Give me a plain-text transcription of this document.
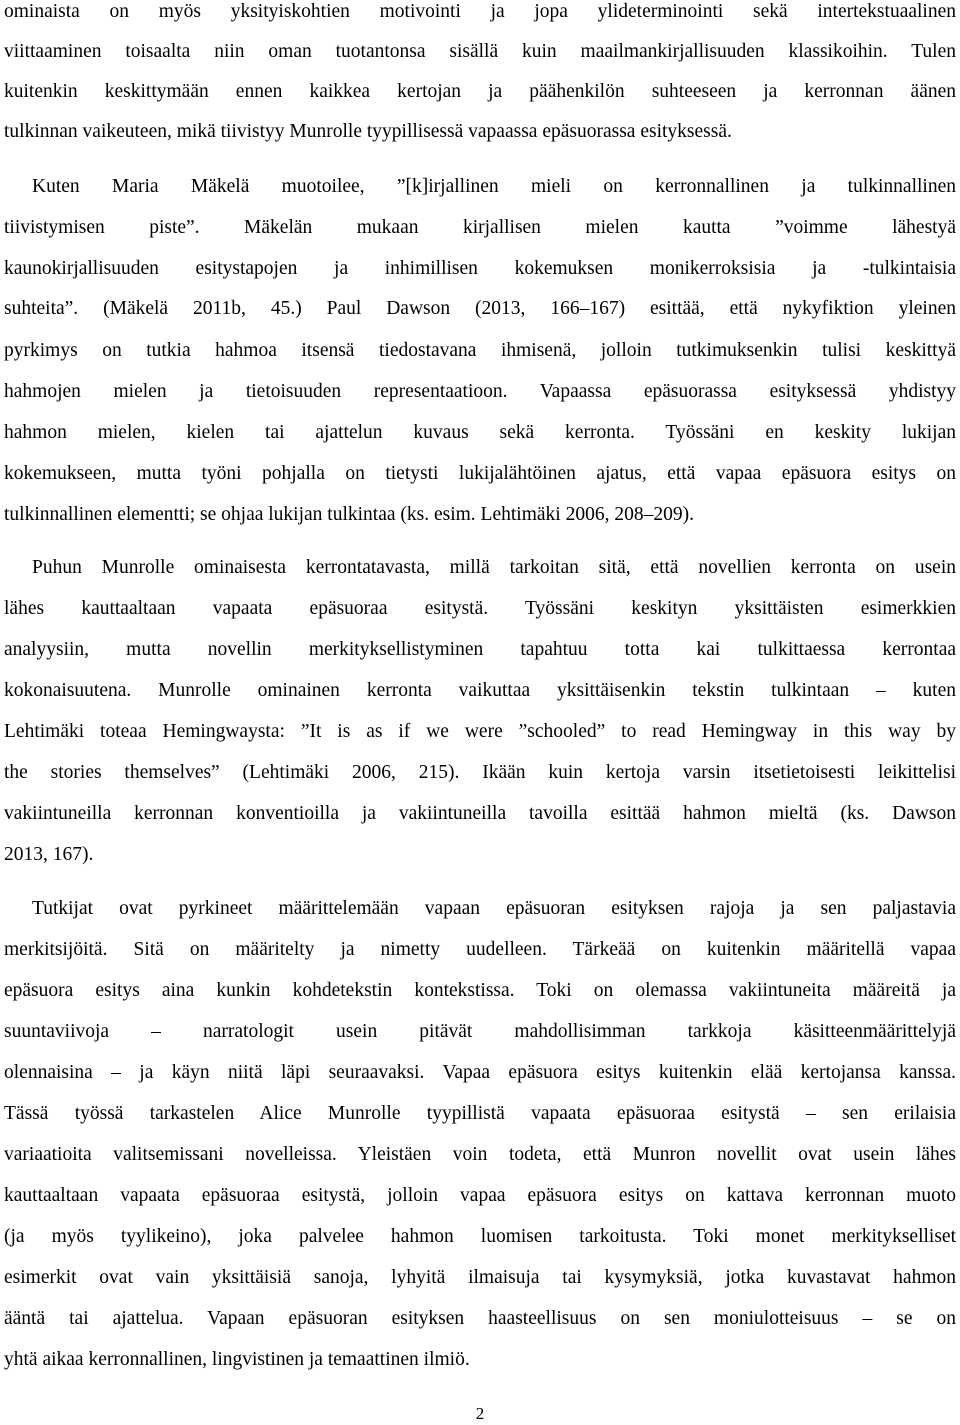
ominaista on myös yksityiskohtien motivointi ja jopa ylideterminointi sekä intertekstuaalinen
viittaaminen toisaalta niin oman tuotantonsa sisällä kuin maailmankirjallisuuden klassikoihin. Tulen
kuitenkin keskittymään ennen kaikkea kertojan ja päähenkilön suhteeseen ja kerronnan äänen
tulkinnan vaikeuteen, mikä tiivistyy Munrolle tyypillisessä vapaassa epäsuorassa esityksessä.
Kuten Maria Mäkelä muotoilee, ”[k]irjallinen mieli on kerronnallinen ja tulkinnallinen
tiivistymisen piste”. Mäkelän mukaan kirjallisen mielen kautta ”voimme lähestyä
kaunokirjallisuuden esitystapojen ja inhimillisen kokemuksen monikerroksisia ja -tulkintaisia
suhteita”. (Mäkelä 2011b, 45.) Paul Dawson (2013, 166–167) esittää, että nykyfiktion yleinen
pyrkimys on tutkia hahmoa itsensä tiedostavana ihmisenä, jolloin tutkimuksenkin tulisi keskittyä
hahmojen mielen ja tietoisuuden representaatioon. Vapaassa epäsuorassa esityksessä yhdistyy
hahmon mielen, kielen tai ajattelun kuvaus sekä kerronta. Työssäni en keskity lukijan
kokemukseen, mutta työni pohjalla on tietysti lukijalähtöinen ajatus, että vapaa epäsuora esitys on
tulkinnallinen elementti; se ohjaa lukijan tulkintaa (ks. esim. Lehtimäki 2006, 208–209).
Puhun Munrolle ominaisesta kerrontatavasta, millä tarkoitan sitä, että novellien kerronta on usein
lähes kauttaaltaan vapaata epäsuoraa esitystä. Työssäni keskityn yksittäisten esimerkkien
analyysiin, mutta novellin merkityksellistyminen tapahtuu totta kai tulkittaessa kerrontaa
kokonaisuutena. Munrolle ominainen kerronta vaikuttaa yksittäisenkin tekstin tulkintaan – kuten
Lehtimäki toteaa Hemingwaysta: ”It is as if we were ”schooled” to read Hemingway in this way by
the stories themselves” (Lehtimäki 2006, 215). Ikään kuin kertoja varsin itsetietoisesti leikittelisi
vakiintuneilla kerronnan konventioilla ja vakiintuneilla tavoilla esittää hahmon mieltä (ks. Dawson
2013, 167).
Tutkijat ovat pyrkineet määrittelemään vapaan epäsuoran esityksen rajoja ja sen paljastavia
merkitsijöitä. Sitä on määritelty ja nimetty uudelleen. Tärkeää on kuitenkin määritellä vapaa
epäsuora esitys aina kunkin kohdetekstin kontekstissa. Toki on olemassa vakiintuneita määreitä ja
suuntaviivoja – narratologit usein pitävät mahdollisimman tarkkoja käsitteenmäärittelyjä
olennaisina – ja käyn niitä läpi seuraavaksi. Vapaa epäsuora esitys kuitenkin elää kertojansa kanssa.
Tässä työssä tarkastelen Alice Munrolle tyypillistä vapaata epäsuoraa esitystä – sen erilaisia
variaatioita valitsemissani novelleissa. Yleistäen voin todeta, että Munron novellit ovat usein lähes
kauttaaltaan vapaata epäsuoraa esitystä, jolloin vapaa epäsuora esitys on kattava kerronnan muoto
(ja myös tyylikeino), joka palvelee hahmon luomisen tarkoitusta. Toki monet merkitykselliset
esimerkit ovat vain yksittäisiä sanoja, lyhyitä ilmaisuja tai kysymyksiä, jotka kuvastavat hahmon
ääntä tai ajattelua. Vapaan epäsuoran esityksen haasteellisuus on sen moniulotteisuus – se on
yhtä aikaa kerronnallinen, lingvistinen ja temaattinen ilmiö.
2
